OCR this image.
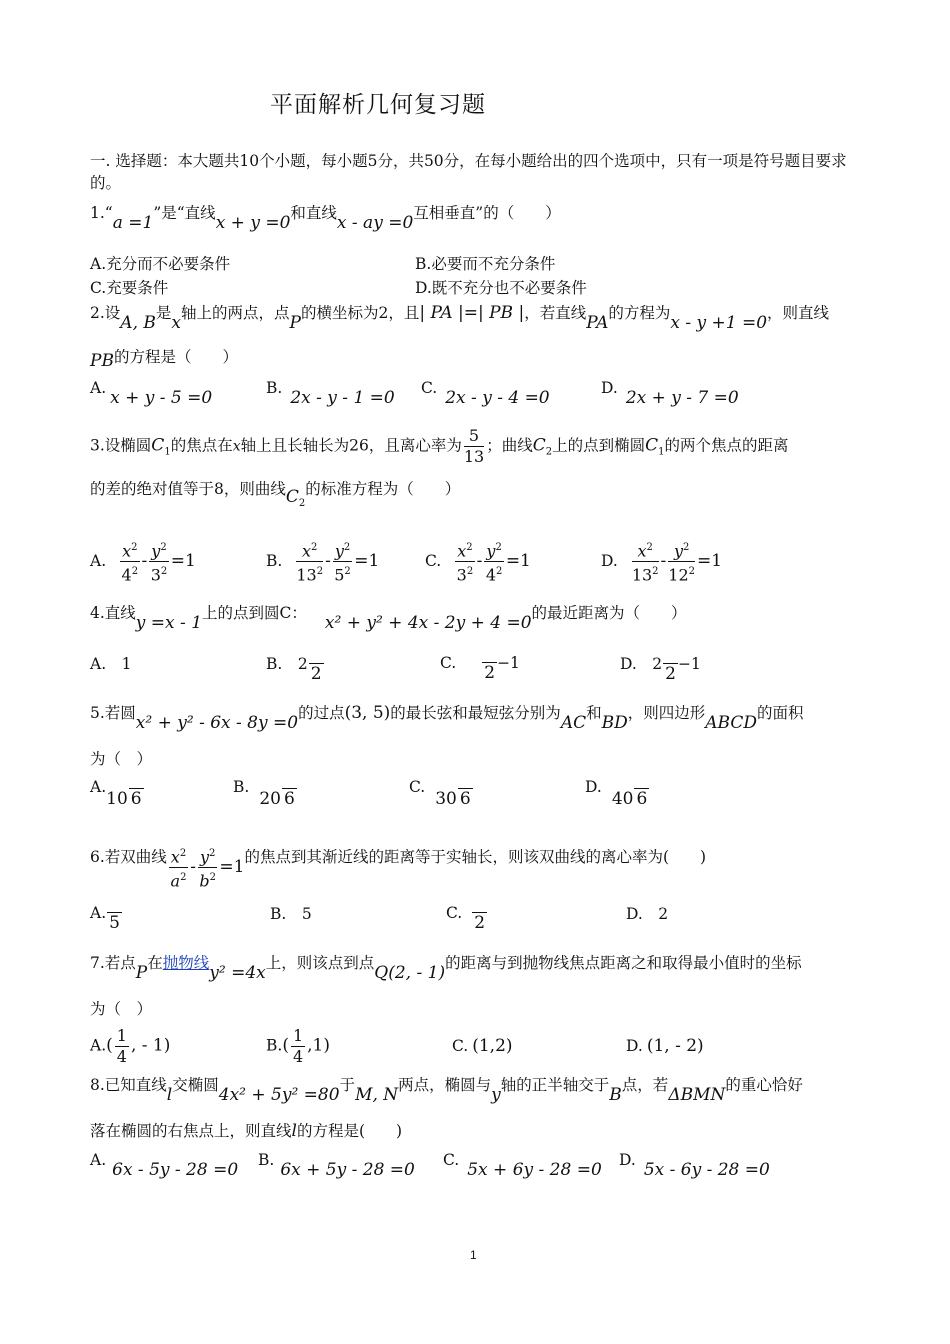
平面解析几何复习题
一. 选择题：本大题共10个小题，每小题5分，共50分，在每小题给出的四个选项中，只有一项是符号题目要求的。
1.“a =1”是“直线x + y =0和直线x - ay =0互相垂直”的（　　）
A.充分而不必要条件	B.必要而不充分条件
C.充要条件	D.既不充分也不必要条件
2.设A, B是x轴上的两点，点P的横坐标为2，且| PA |=| PB |，若直线PA的方程为x - y +1 =0，则直线
PB的方程是（　　）
A. x + y - 5 =0	B. 2x - y - 1 =0 C. 2x - y - 4 =0	D. 2x + y - 7 =0
3.设椭圆$C_1$的焦点在x轴上且长轴长为26，且离心率为 $\frac{5}{13}$ ；曲线$C_2$上的点到椭圆$C_1$的两个焦点的距离
的差的绝对值等于8，则曲线$C_2$的标准方程为（　　）
A. $\frac{x^2}{4^2} - \frac{y^2}{3^2} =1$	B. $\frac{x^2}{13^2} - \frac{y^2}{5^2} =1$	C. $\frac{x^2}{3^2} - \frac{y^2}{4^2} =1$	D. $\frac{x^2}{13^2} - \frac{y^2}{12^2} =1$
4.直线y =x - 1上的点到圆C： x² + y² + 4x - 2y + 4 =0的最近距离为（　　）
A.　1	B.　2 2
C. 2 −1	D.　2 2 −1
5.若圆x² + y² - 6x - 8y =0的过点(3, 5)的最长弦和最短弦分别为AC和BD，则四边形ABCD的面积
为（　）
A.10 6
B.20 6
C.30 6
D.40 6
6.若双曲线 $\frac{x^2}{a^2} - \frac{y^2}{b^2} =1$的焦点到其渐近线的距离等于实轴长，则该双曲线的离心率为(　　)
A. 5	B.　5	C. 2	D.　2
7.若点P在抛物线y² =4x上，则该点到点Q(2, - 1)的距离与到抛物线焦点距离之和取得最小值时的坐标
为（　）
$A.( \frac{1}{4}$ , - 1)	$B.( \frac{1}{4} ,1)$	C. (1,2)	D. (1, - 2)
8.已知直线l交椭圆4x² + 5y² =80于M, N两点，椭圆与y轴的正半轴交于B点，若ΔBMN的重心恰好
落在椭圆的右焦点上，则直线l的方程是(　　)
A. 6x - 5y - 28 =0 B. 6x + 5y - 28 =0 C. 5x + 6y - 28 =0 D. 5x - 6y - 28 =0
1
